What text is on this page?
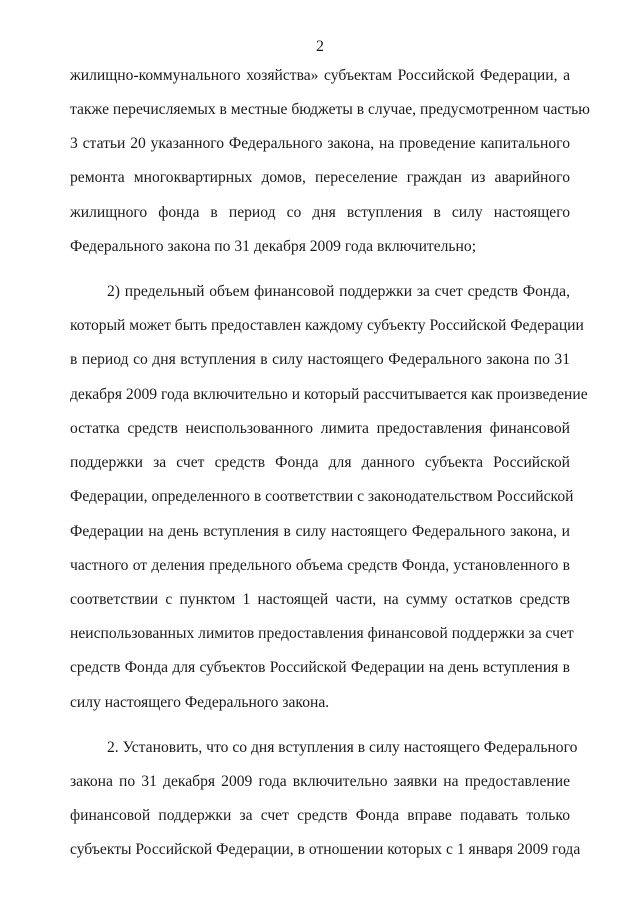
2
жилищно-коммунального хозяйства» субъектам Российской Федерации, а
также перечисляемых в местные бюджеты в случае, предусмотренном частью
3 статьи 20 указанного Федерального закона, на проведение капитального
ремонта многоквартирных домов, переселение граждан из аварийного
жилищного фонда в период со дня вступления в силу настоящего
Федерального закона по 31 декабря 2009 года включительно;
2) предельный объем финансовой поддержки за счет средств Фонда,
который может быть предоставлен каждому субъекту Российской Федерации
в период со дня вступления в силу настоящего Федерального закона по 31
декабря 2009 года включительно и который рассчитывается как произведение
остатка средств неиспользованного лимита предоставления финансовой
поддержки за счет средств Фонда для данного субъекта Российской
Федерации, определенного в соответствии с законодательством Российской
Федерации на день вступления в силу настоящего Федерального закона, и
частного от деления предельного объема средств Фонда, установленного в
соответствии с пунктом 1 настоящей части, на сумму остатков средств
неиспользованных лимитов предоставления финансовой поддержки за счет
средств Фонда для субъектов Российской Федерации на день вступления в
силу настоящего Федерального закона.
2. Установить, что со дня вступления в силу настоящего Федерального
закона по 31 декабря 2009 года включительно заявки на предоставление
финансовой поддержки за счет средств Фонда вправе подавать только
субъекты Российской Федерации, в отношении которых с 1 января 2009 года
